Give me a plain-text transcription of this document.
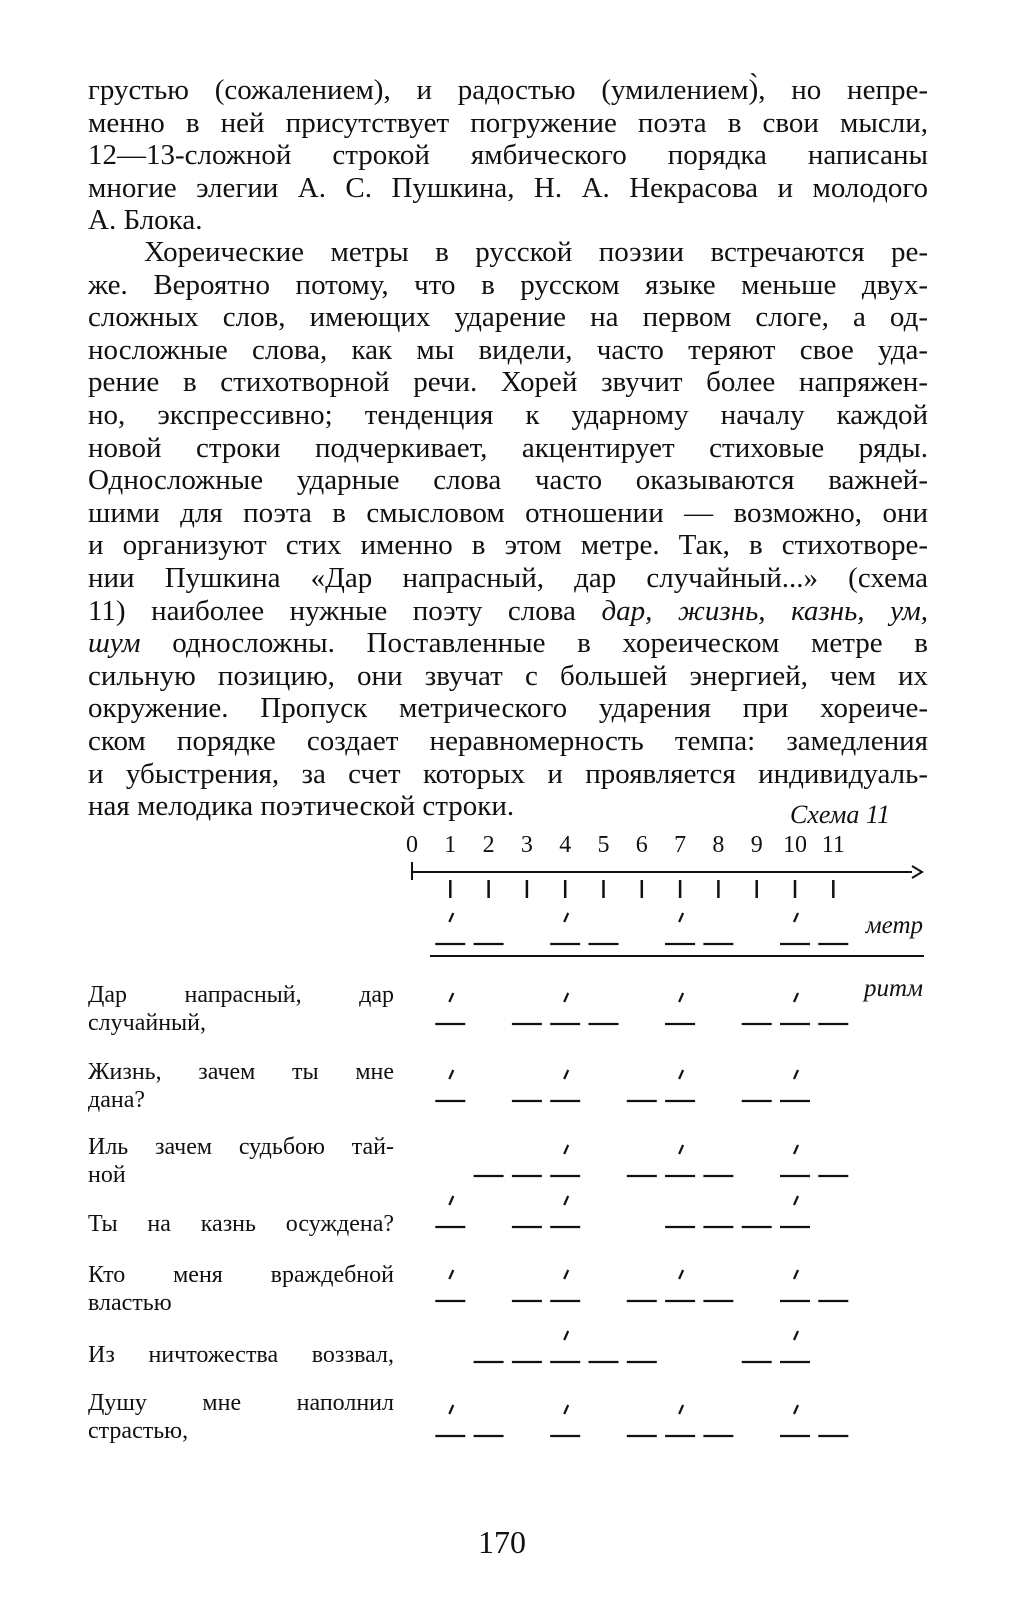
грустью (сожалением), и радостью (умилением)̀, но непре-
менно в ней присутствует погружение поэта в свои мысли,
12—13-сложной строкой ямбического порядка написаны
многие элегии А. С. Пушкина, Н. А. Некрасова и молодого
А. Блока.
Хореические метры в русской поэзии встречаются ре-
же. Вероятно потому, что в русском языке меньше двух-
сложных слов, имеющих ударение на первом слоге, а од-
носложные слова, как мы видели, часто теряют свое уда-
рение в стихотворной речи. Хорей звучит более напряжен-
но, экспрессивно; тенденция к ударному началу каждой
новой строки подчеркивает, акцентирует стиховые ряды.
Односложные ударные слова часто оказываются важней-
шими для поэта в смысловом отношении — возможно, они
и организуют стих именно в этом метре. Так, в стихотворе-
нии Пушкина «Дар напрасный, дар случайный...» (схема
11) наиболее нужные поэту слова дар, жизнь, казнь, ум,
шум односложны. Поставленные в хореическом метре в
сильную позицию, они звучат с большей энергией, чем их
окружение. Пропуск метрического ударения при хореиче-
ском порядке создает неравномерность темпа: замедления
и убыстрения, за счет которых и проявляется индивидуаль-
ная мелодика поэтической строки.	Схема 11
0 1 2 3 4 5 6 7 8 9 10 11
метр
ритм
Дар напрасный, дар
случайный,
Жизнь, зачем ты мне
дана?
Иль зачем судьбою тай-
ной
Ты на казнь осуждена?
Кто меня враждебной
властью
Из ничтожества воззвал,
Душу мне наполнил
страстью,
170
